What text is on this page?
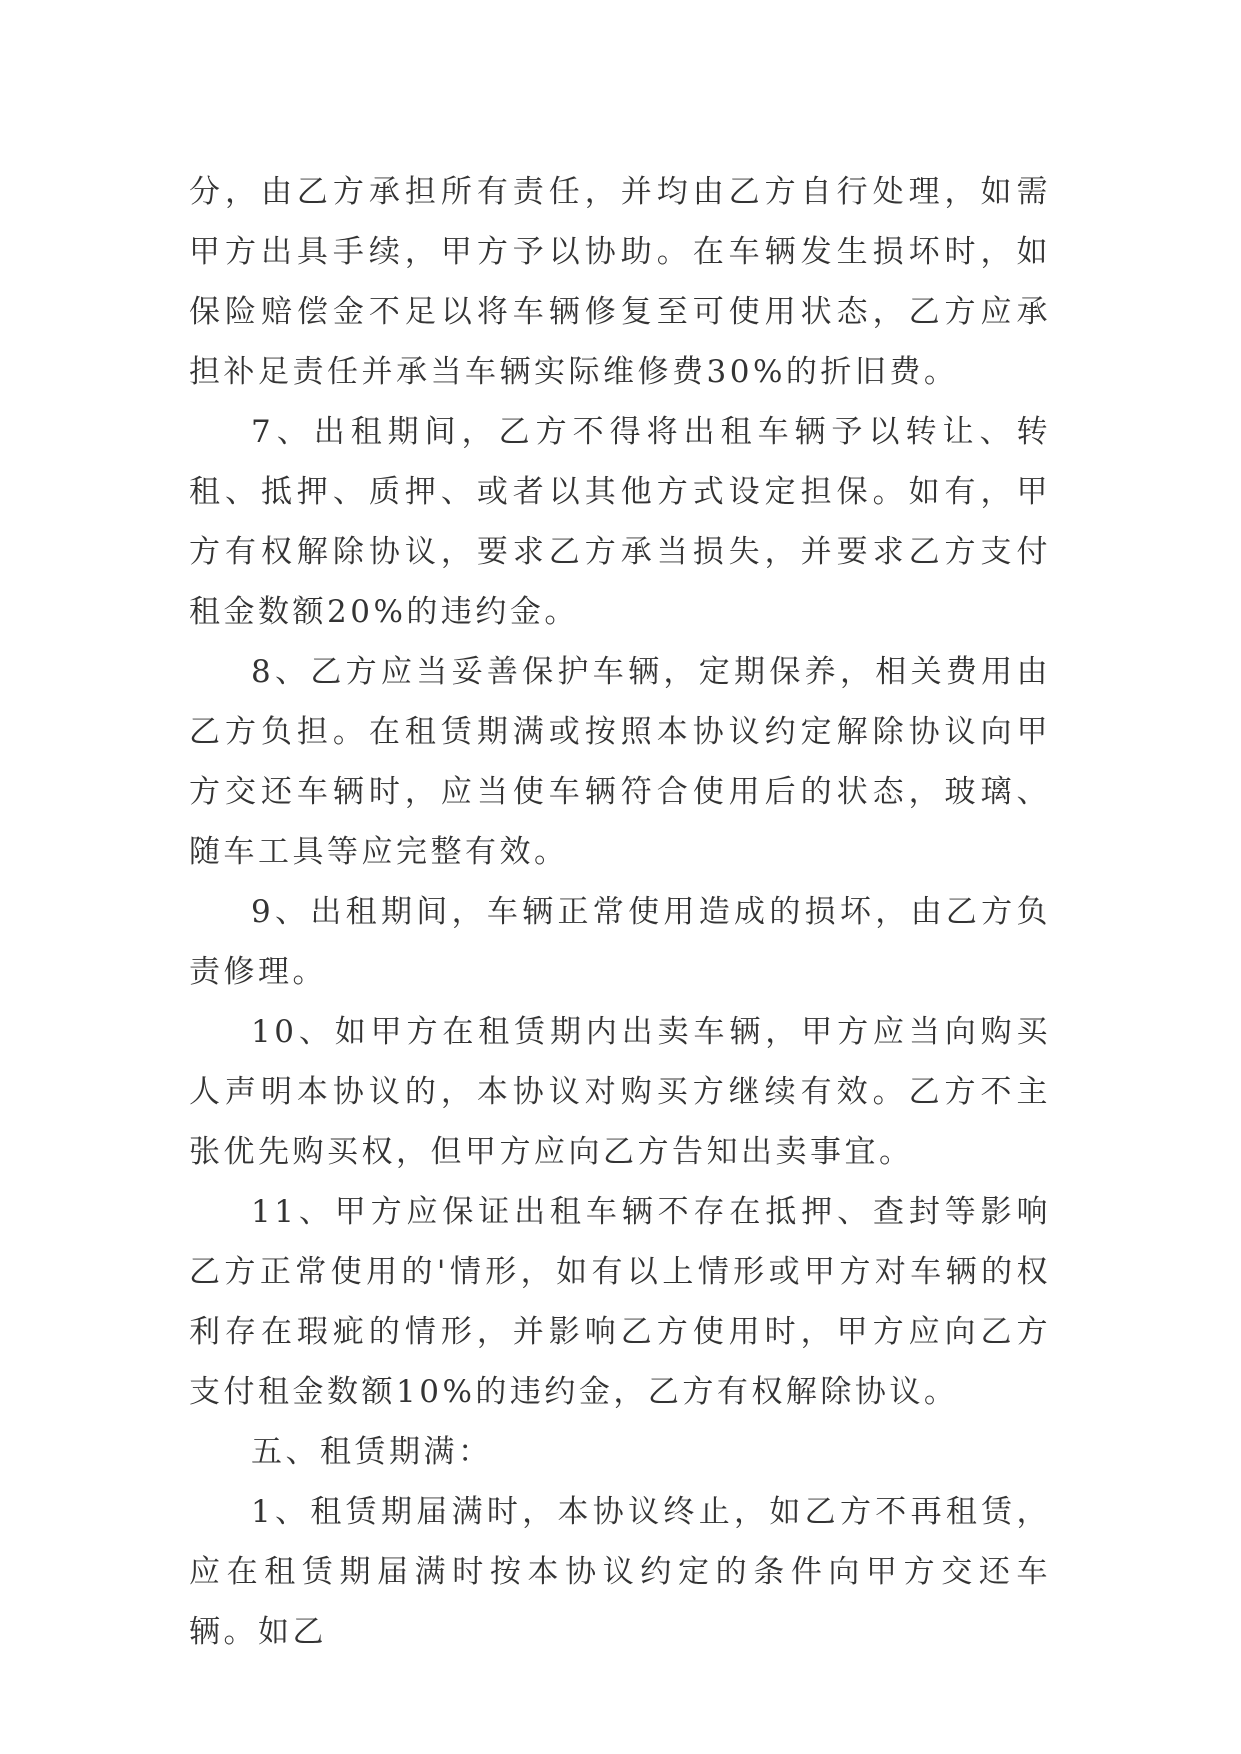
分，由乙方承担所有责任，并均由乙方自行处理，如需甲方出具手续，甲方予以协助。在车辆发生损坏时，如保险赔偿金不足以将车辆修复至可使用状态，乙方应承担补足责任并承当车辆实际维修费30%的折旧费。

7、出租期间，乙方不得将出租车辆予以转让、转租、抵押、质押、或者以其他方式设定担保。如有，甲方有权解除协议，要求乙方承当损失，并要求乙方支付租金数额20%的违约金。

8、乙方应当妥善保护车辆，定期保养，相关费用由乙方负担。在租赁期满或按照本协议约定解除协议向甲方交还车辆时，应当使车辆符合使用后的状态，玻璃、随车工具等应完整有效。

9、出租期间，车辆正常使用造成的损坏，由乙方负责修理。

10、如甲方在租赁期内出卖车辆，甲方应当向购买人声明本协议的，本协议对购买方继续有效。乙方不主张优先购买权，但甲方应向乙方告知出卖事宜。

11、甲方应保证出租车辆不存在抵押、查封等影响乙方正常使用的'情形，如有以上情形或甲方对车辆的权利存在瑕疵的情形，并影响乙方使用时，甲方应向乙方支付租金数额10%的违约金，乙方有权解除协议。

五、租赁期满：

1、租赁期届满时，本协议终止，如乙方不再租赁，应在租赁期届满时按本协议约定的条件向甲方交还车辆。如乙
